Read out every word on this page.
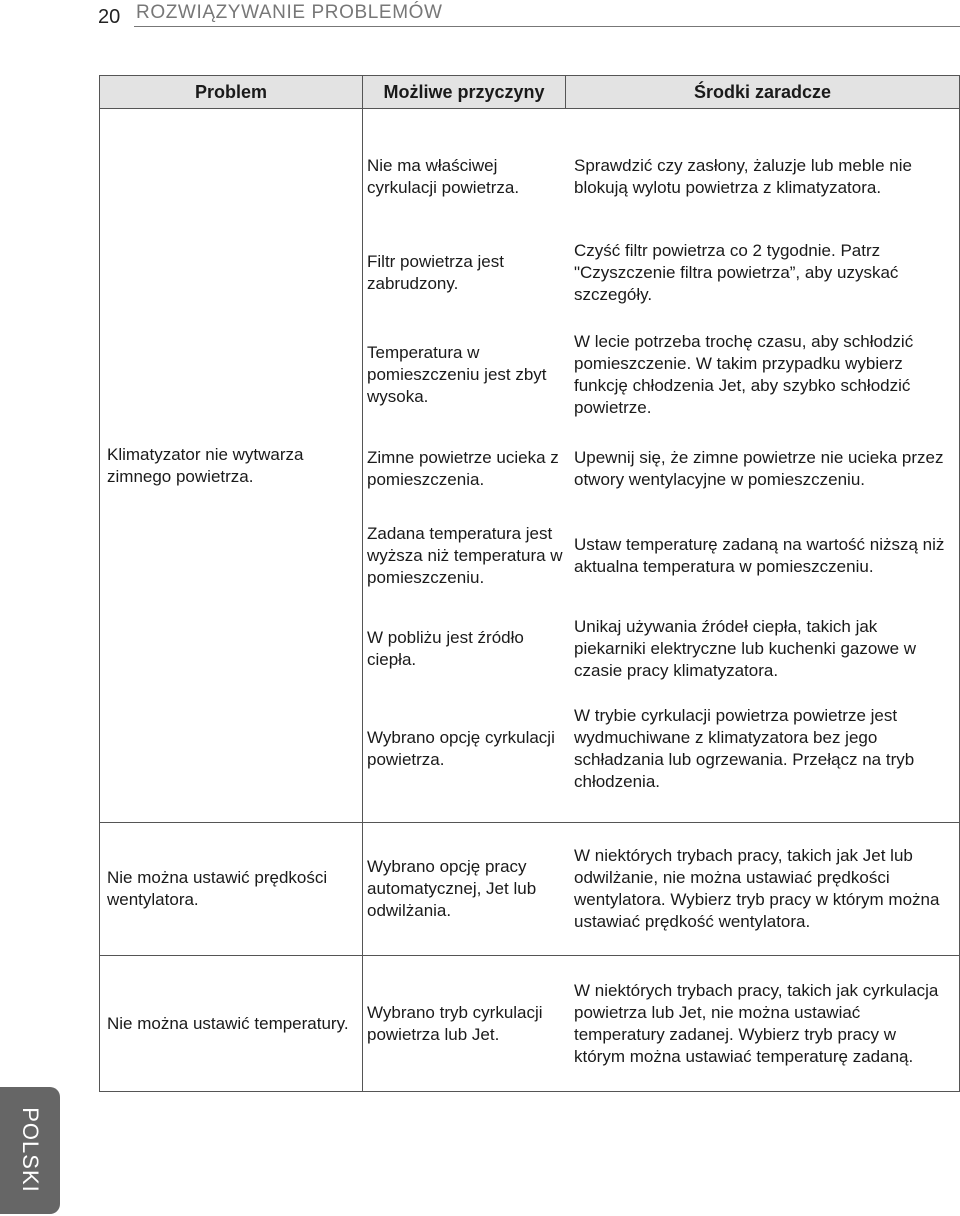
20 ROZWIĄZYWANIE PROBLEMÓW
Problem	Możliwe przyczyny	Środki zaradcze
Klimatyzator nie wytwarza zimnego powietrza.	
Nie ma właściwej cyrkulacji powietrza.	Sprawdzić czy zasłony, żaluzje lub meble nie blokują wylotu powietrza z klimatyzatora.
Filtr powietrza jest zabrudzony.	Czyść filtr powietrza co 2 tygodnie. Patrz "Czyszczenie filtra powietrza”, aby uzyskać szczegóły.
Temperatura w pomieszczeniu jest zbyt wysoka.	W lecie potrzeba trochę czasu, aby schłodzić pomieszczenie. W takim przypadku wybierz funkcję chłodzenia Jet, aby szybko schłodzić powietrze.
Zimne powietrze ucieka z pomieszczenia.	Upewnij się, że zimne powietrze nie ucieka przez otwory wentylacyjne w pomieszczeniu.
Zadana temperatura jest wyższa niż temperatura w pomieszczeniu.	Ustaw temperaturę zadaną na wartość niższą niż aktualna temperatura w pomieszczeniu.
W pobliżu jest źródło ciepła.	Unikaj używania źródeł ciepła, takich jak piekarniki elektryczne lub kuchenki gazowe w czasie pracy klimatyzatora.
Wybrano opcję cyrkulacji powietrza.	W trybie cyrkulacji powietrza powietrze jest wydmuchiwane z klimatyzatora bez jego schładzania lub ogrzewania. Przełącz na tryb chłodzenia.

Nie można ustawić prędkości wentylatora.	
Wybrano opcję pracy automatycznej, Jet lub odwilżania.	W niektórych trybach pracy, takich jak Jet lub odwilżanie, nie można ustawiać prędkości wentylatora. Wybierz tryb pracy w którym można ustawiać prędkość wentylatora.

Nie można ustawić temperatury.	
Wybrano tryb cyrkulacji powietrza lub Jet.	W niektórych trybach pracy, takich jak cyrkulacja powietrza lub Jet, nie można ustawiać temperatury zadanej. Wybierz tryb pracy w którym można ustawiać temperaturę zadaną.
POLSKI
